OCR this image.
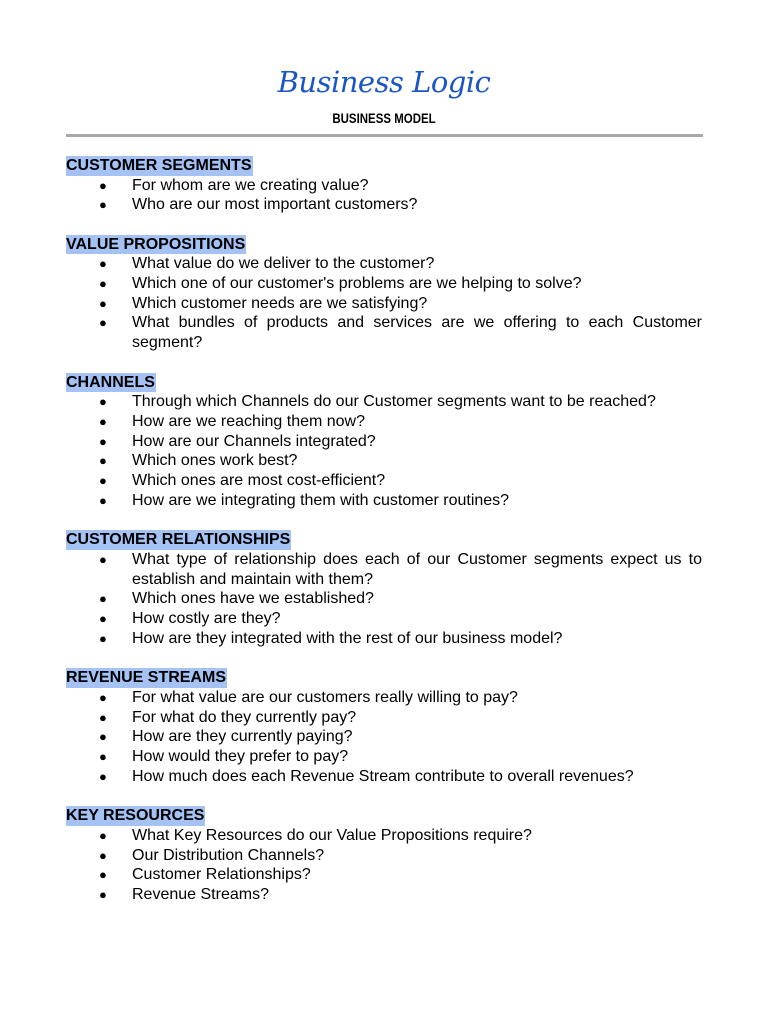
Business Logic
BUSINESS MODEL
CUSTOMER SEGMENTS
● For whom are we creating value?
● Who are our most important customers?
VALUE PROPOSITIONS
● What value do we deliver to the customer?
● Which one of our customer's problems are we helping to solve?
● Which customer needs are we satisfying?
● What bundles of products and services are we offering to each Customer segment?
CHANNELS
● Through which Channels do our Customer segments want to be reached?
● How are we reaching them now?
● How are our Channels integrated?
● Which ones work best?
● Which ones are most cost-efficient?
● How are we integrating them with customer routines?
CUSTOMER RELATIONSHIPS
● What type of relationship does each of our Customer segments expect us to establish and maintain with them?
● Which ones have we established?
● How costly are they?
● How are they integrated with the rest of our business model?
REVENUE STREAMS
● For what value are our customers really willing to pay?
● For what do they currently pay?
● How are they currently paying?
● How would they prefer to pay?
● How much does each Revenue Stream contribute to overall revenues?
KEY RESOURCES
● What Key Resources do our Value Propositions require?
● Our Distribution Channels?
● Customer Relationships?
● Revenue Streams?
